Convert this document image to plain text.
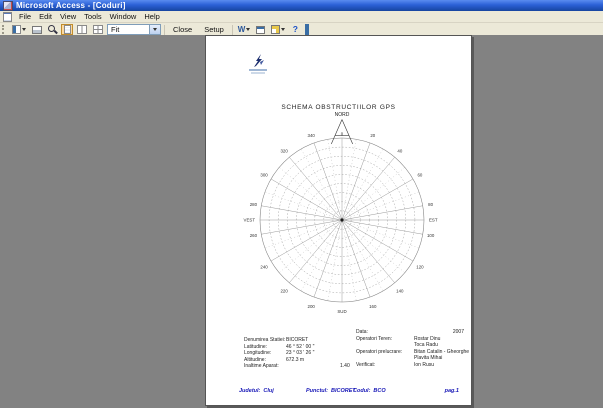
Microsoft Access - [Coduri]
File Edit View Tools Window Help
Fit	Close	Setup	W	?
SCHEMA OBSTRUCTIILOR GPS
0	20
40
60
80
EST
100
120
140
160
SUD
200
220
240
260
VEST
280
300
320
340
NORD
Denumirea Statiei: BICORET
Latitudine:	46 ° 52 ' 00 ''
Longitudine:	23 ° 03 ' 26 ''
Altitudine:	672.3 m
Inaltime Aparat:	1.40
Data:	2007
Operatori Teren:	Rostar Dinu
Toca Radu
Operatori prelucrare: Bitan Catalin - Gheorghe
Plavita Mihai
Verificat:	Ion Rusu
Judetul: Cluj	Punctul: BICORET
Codul: BCO	pag.1
